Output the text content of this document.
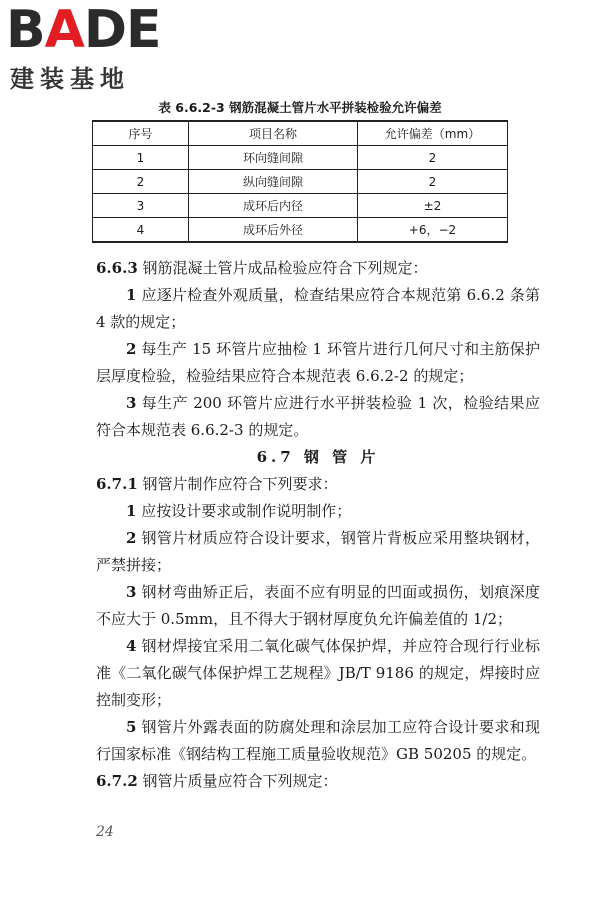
BADE
建装基地
表 6.6.2-3 钢筋混凝土管片水平拼装检验允许偏差
序号	项目名称	允许偏差（mm）
1	环向缝间隙	2
2	纵向缝间隙	2
3	成环后内径	±2
4	成环后外径	+6，−2

6.6.3 钢筋混凝土管片成品检验应符合下列规定：

1 应逐片检查外观质量，检查结果应符合本规范第 6.6.2 条第 4 款的规定；

2 每生产 15 环管片应抽检 1 环管片进行几何尺寸和主筋保护层厚度检验，检验结果应符合本规范表 6.6.2-2 的规定；

3 每生产 200 环管片应进行水平拼装检验 1 次，检验结果应符合本规范表 6.6.2-3 的规定。

6.7 钢 管 片

6.7.1 钢管片制作应符合下列要求：

1 应按设计要求或制作说明制作；

2 钢管片材质应符合设计要求，钢管片背板应采用整块钢材，严禁拼接；

3 钢材弯曲矫正后，表面不应有明显的凹面或损伤，划痕深度不应大于 0.5mm，且不得大于钢材厚度负允许偏差值的 1/2；

4 钢材焊接宜采用二氧化碳气体保护焊，并应符合现行行业标准《二氧化碳气体保护焊工艺规程》JB/T 9186 的规定，焊接时应控制变形；

5 钢管片外露表面的防腐处理和涂层加工应符合设计要求和现行国家标准《钢结构工程施工质量验收规范》GB 50205 的规定。

6.7.2 钢管片质量应符合下列规定：

24
